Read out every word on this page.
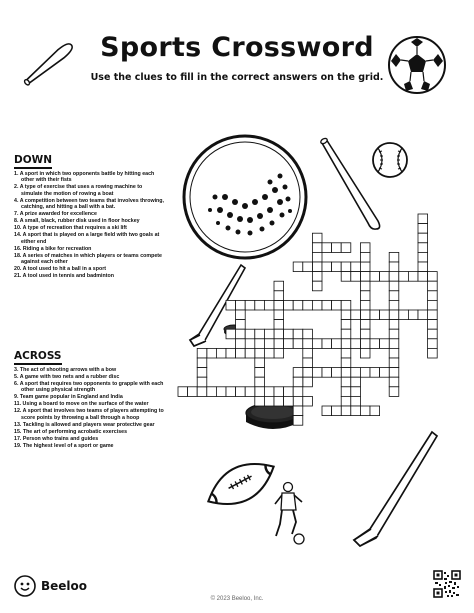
Sports Crossword
Use the clues to fill in the correct answers on the grid.
DOWN
1. A sport in which two opponents battle by hitting each other with their fists
2. A type of exercise that uses a rowing machine to simulate the motion of rowing a boat
4. A competition between two teams that involves throwing, catching, and hitting a ball with a bat.
7. A prize awarded for excellence
8. A small, black, rubber disk used in floor hockey
10. A type of recreation that requires a ski lift
14. A sport that is played on a large field with two goals at either end
16. Riding a bike for recreation
18. A series of matches in which players or teams compete against each other
20. A tool used to hit a ball in a sport
21. A tool used in tennis and badminton
ACROSS
3. The act of shooting arrows with a bow
5. A game with two nets and a rubber disc
6. A sport that requires two opponents to grapple with each other using physical strength
9. Team game popular in England and India
11. Using a board to move on the surface of the water
12. A sport that involves two teams of players attempting to score points by throwing a ball through a hoop
13. Tackling is allowed and players wear protective gear
15. The art of performing acrobatic exercises
17. Person who trains and guides
19. The highest level of a sport or game
Beeloo
© 2023 Beeloo, Inc.
